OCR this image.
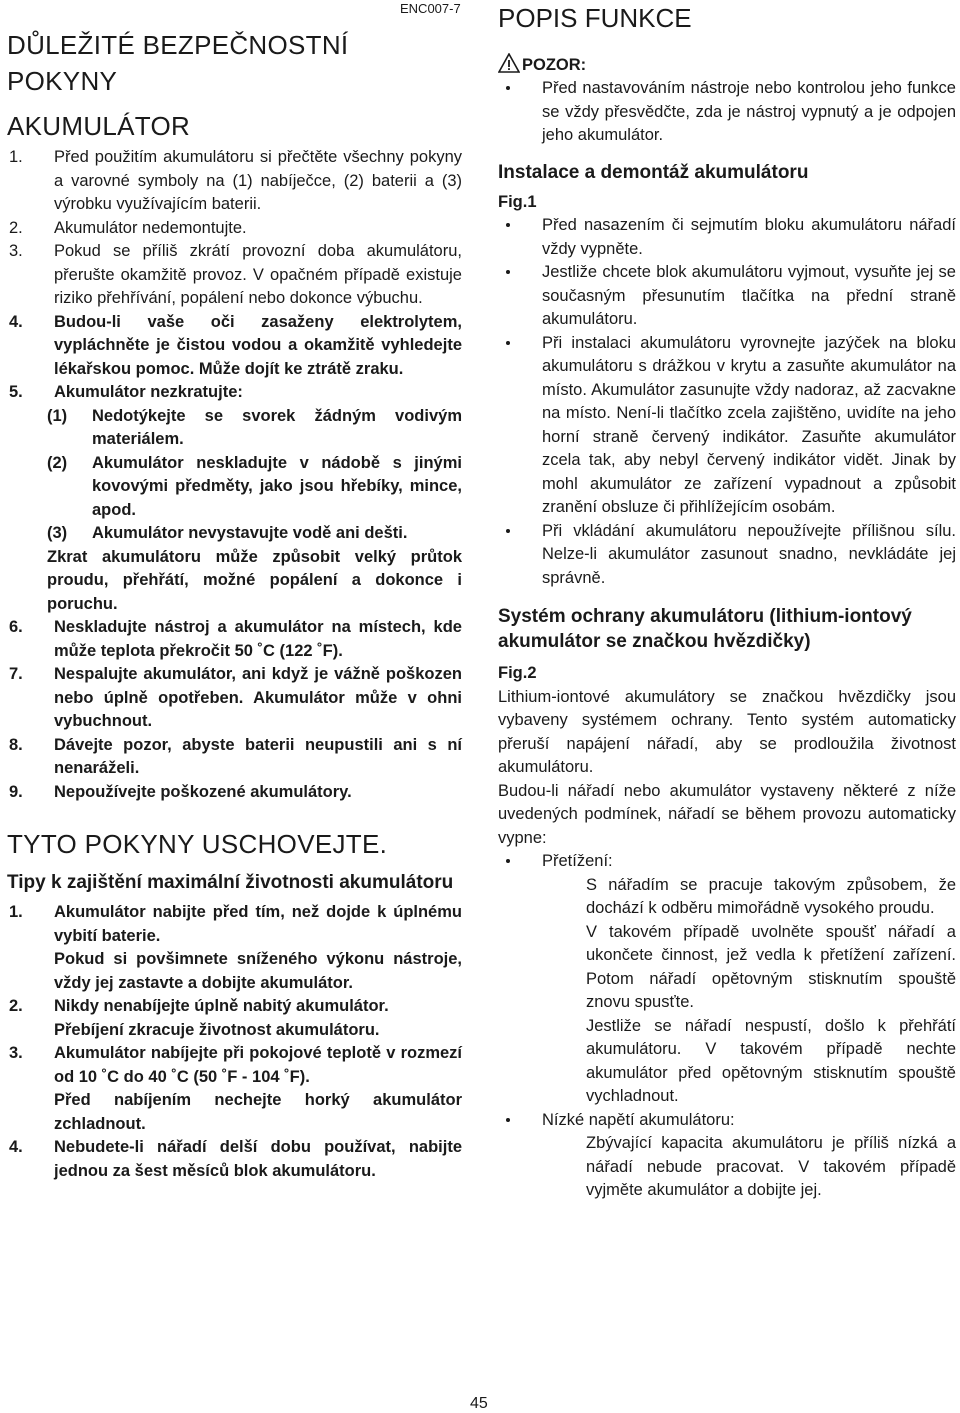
ENC007-7
DŮLEŽITÉ BEZPEČNOSTNÍ POKYNY
AKUMULÁTOR
1. Před použitím akumulátoru si přečtěte všechny pokyny a varovné symboly na (1) nabíječce, (2) baterii a (3) výrobku využívajícím baterii.
2. Akumulátor nedemontujte.
3. Pokud se příliš zkrátí provozní doba akumulátoru, přerušte okamžitě provoz. V opačném případě existuje riziko přehřívání, popálení nebo dokonce výbuchu.
4. Budou-li vaše oči zasaženy elektrolytem, vypláchněte je čistou vodou a okamžitě vyhledejte lékařskou pomoc. Může dojít ke ztrátě zraku.
5. Akumulátor nezkratujte:
(1) Nedotýkejte se svorek žádným vodivým materiálem.
(2) Akumulátor neskladujte v nádobě s jinými kovovými předměty, jako jsou hřebíky, mince, apod.
(3) Akumulátor nevystavujte vodě ani dešti.
Zkrat akumulátoru může způsobit velký průtok proudu, přehřátí, možné popálení a dokonce i poruchu.
6. Neskladujte nástroj a akumulátor na místech, kde může teplota překročit 50 ˚C (122 ˚F).
7. Nespalujte akumulátor, ani když je vážně poškozen nebo úplně opotřeben. Akumulátor může v ohni vybuchnout.
8. Dávejte pozor, abyste baterii neupustili ani s ní nenaráželi.
9. Nepoužívejte poškozené akumulátory.
TYTO POKYNY USCHOVEJTE.
Tipy k zajištění maximální životnosti akumulátoru
1. Akumulátor nabijte před tím, než dojde k úplnému vybití baterie.
Pokud si povšimnete sníženého výkonu nástroje, vždy jej zastavte a dobijte akumulátor.
2. Nikdy nenabíjejte úplně nabitý akumulátor.
Přebíjení zkracuje životnost akumulátoru.
3. Akumulátor nabíjejte při pokojové teplotě v rozmezí od 10 ˚C do 40 ˚C (50 ˚F - 104 ˚F).
Před nabíjením nechejte horký akumulátor zchladnout.
4. Nebudete-li nářadí delší dobu používat, nabijte jednou za šest měsíců blok akumulátoru.
POPIS FUNKCE
POZOR:
Před nastavováním nástroje nebo kontrolou jeho funkce se vždy přesvědčte, zda je nástroj vypnutý a je odpojen jeho akumulátor.
Instalace a demontáž akumulátoru
Fig.1
Před nasazením či sejmutím bloku akumulátoru nářadí vždy vypněte.
Jestliže chcete blok akumulátoru vyjmout, vysuňte jej se současným přesunutím tlačítka na přední straně akumulátoru.
Při instalaci akumulátoru vyrovnejte jazýček na bloku akumulátoru s drážkou v krytu a zasuňte akumulátor na místo. Akumulátor zasunujte vždy nadoraz, až zacvakne na místo. Není-li tlačítko zcela zajištěno, uvidíte na jeho horní straně červený indikátor. Zasuňte akumulátor zcela tak, aby nebyl červený indikátor vidět. Jinak by mohl akumulátor ze zařízení vypadnout a způsobit zranění obsluze či přihlížejícím osobám.
Při vkládání akumulátoru nepoužívejte přílišnou sílu. Nelze-li akumulátor zasunout snadno, nevkládáte jej správně.
Systém ochrany akumulátoru (lithium-iontový akumulátor se značkou hvězdičky)
Fig.2
Lithium-iontové akumulátory se značkou hvězdičky jsou vybaveny systémem ochrany. Tento systém automaticky přeruší napájení nářadí, aby se prodloužila životnost akumulátoru.
Budou-li nářadí nebo akumulátor vystaveny některé z níže uvedených podmínek, nářadí se během provozu automaticky vypne:
Přetížení:
S nářadím se pracuje takovým způsobem, že dochází k odběru mimořádně vysokého proudu.
V takovém případě uvolněte spoušť nářadí a ukončete činnost, jež vedla k přetížení zařízení. Potom nářadí opětovným stisknutím spouště znovu spusťte.
Jestliže se nářadí nespustí, došlo k přehřátí akumulátoru. V takovém případě nechte akumulátor před opětovným stisknutím spouště vychladnout.
Nízké napětí akumulátoru:
Zbývající kapacita akumulátoru je příliš nízká a nářadí nebude pracovat. V takovém případě vyjměte akumulátor a dobijte jej.
45
